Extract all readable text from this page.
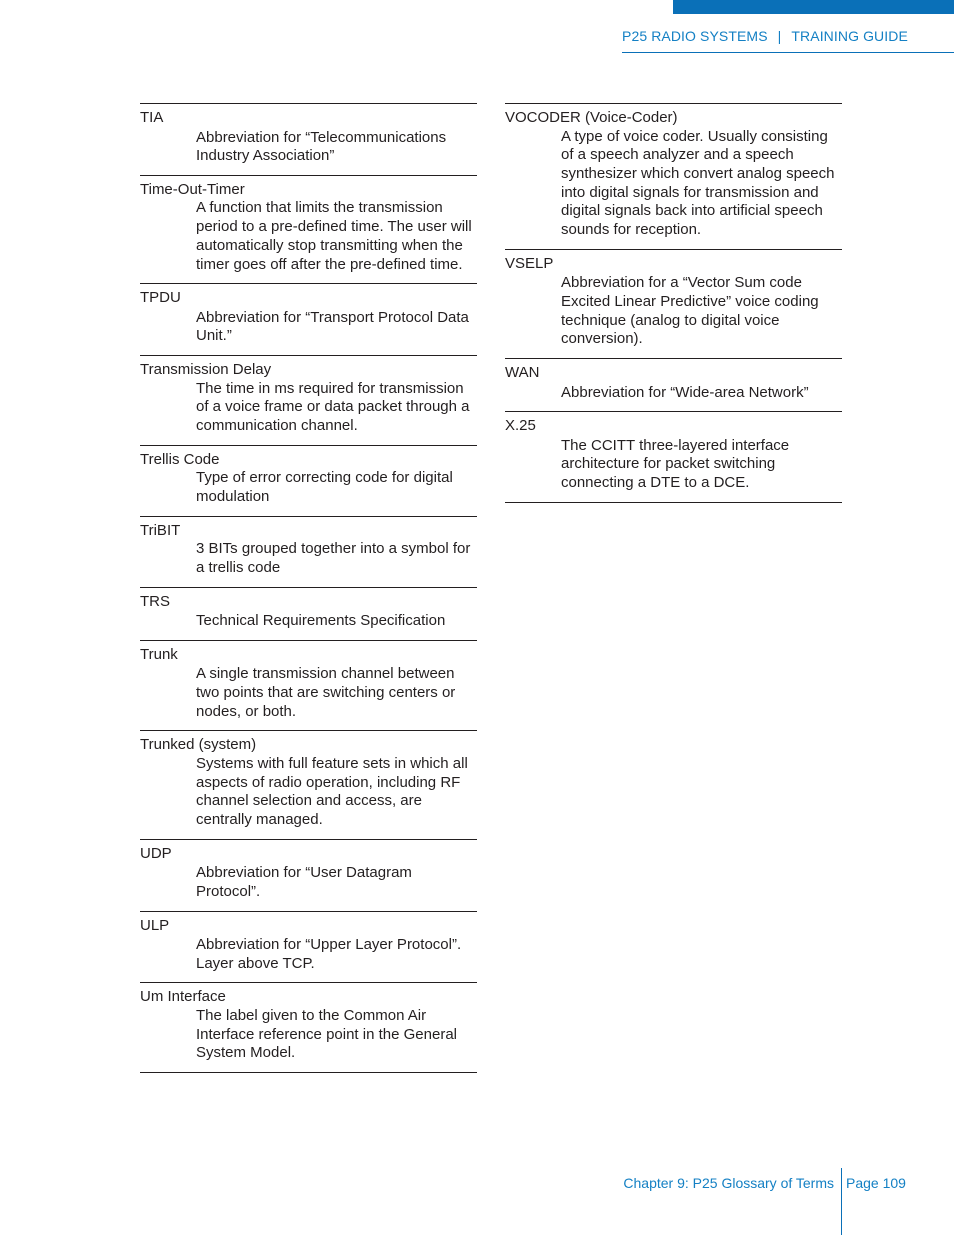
P25 RADIO SYSTEMS | TRAINING GUIDE
TIA
Abbreviation for “Telecommunications Industry Association”
Time-Out-Timer
A function that limits the transmission period to a pre-defined time. The user will automatically stop transmitting when the timer goes off after the pre-defined time.
TPDU
Abbreviation for “Transport Protocol Data Unit.”
Transmission Delay
The time in ms required for transmission of a voice frame or data packet through a communication channel.
Trellis Code
Type of error correcting code for digital modulation
TriBIT
3 BITs grouped together into a symbol for a trellis code
TRS
Technical Requirements Specification
Trunk
A single transmission channel between two points that are switching centers or nodes, or both.
Trunked (system)
Systems with full feature sets in which all aspects of radio operation, including RF channel selection and access, are centrally managed.
UDP
Abbreviation for “User Datagram Protocol”.
ULP
Abbreviation for “Upper Layer Protocol”. Layer above TCP.
Um Interface
The label given to the Common Air Interface reference point in the General System Model.
VOCODER (Voice-Coder)
A type of voice coder. Usually consisting of a speech analyzer and a speech synthesizer which convert analog speech into digital signals for transmission and digital signals back into artificial speech sounds for reception.
VSELP
Abbreviation for a “Vector Sum code Excited Linear Predictive” voice coding technique (analog to digital voice conversion).
WAN
Abbreviation for “Wide-area Network”
X.25
The CCITT three-layered interface architecture for packet switching connecting a DTE to a DCE.
Chapter 9: P25 Glossary of Terms Page 109
